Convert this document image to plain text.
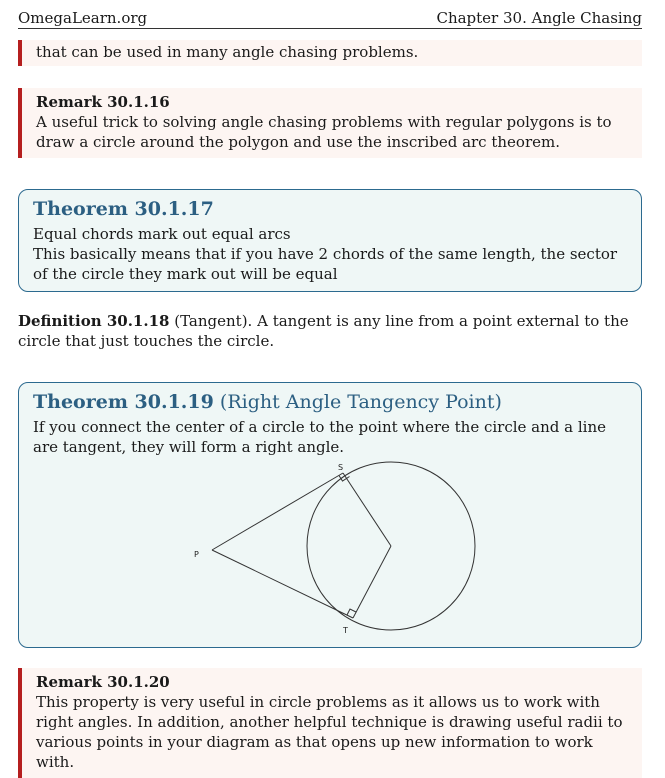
OmegaLearn.org	Chapter 30. Angle Chasing
that can be used in many angle chasing problems.
Remark 30.1.16
A useful trick to solving angle chasing problems with regular polygons is to draw a circle around the polygon and use the inscribed arc theorem.
Theorem 30.1.17
Equal chords mark out equal arcs
This basically means that if you have 2 chords of the same length, the sector of the circle they mark out will be equal
Definition 30.1.18 (Tangent). A tangent is any line from a point external to the circle that just touches the circle.
Theorem 30.1.19 (Right Angle Tangency Point)
If you connect the center of a circle to the point where the circle and a line are tangent, they will form a right angle.
P
S
T
Remark 30.1.20
This property is very useful in circle problems as it allows us to work with right angles. In addition, another helpful technique is drawing useful radii to various points in your diagram as that opens up new information to work with.
